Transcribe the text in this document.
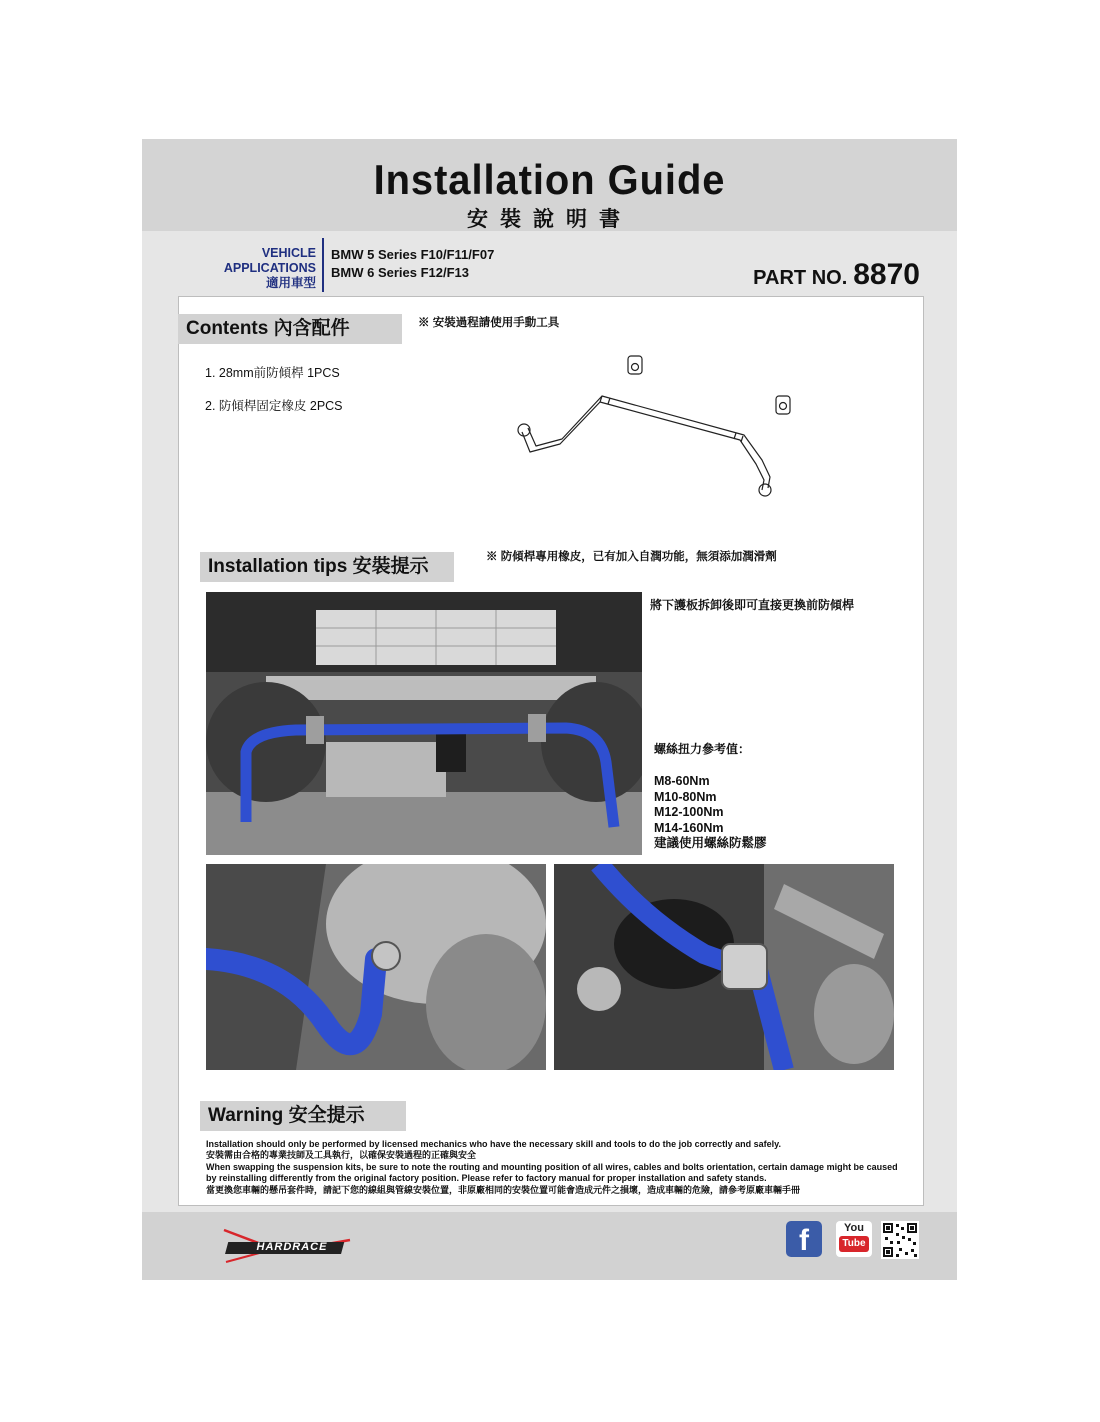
Installation Guide
安裝說明書
VEHICLE APPLICATIONS
適用車型
BMW 5 Series F10/F11/F07
BMW 6 Series F12/F13	PART NO. 8870
Contents 內含配件	※ 安裝過程請使用手動工具
1. 28mm前防傾桿 1PCS
2. 防傾桿固定橡皮 2PCS
Installation tips 安裝提示	※ 防傾桿專用橡皮，已有加入自潤功能，無須添加潤滑劑
將下護板拆卸後即可直接更換前防傾桿
螺絲扭力參考值：
M8-60Nm
M10-80Nm
M12-100Nm
M14-160Nm
建議使用螺絲防鬆膠
Warning 安全提示
Installation should only be performed by licensed mechanics who have the necessary skill and tools to do the job correctly and safely.
安裝需由合格的專業技師及工具執行，以確保安裝過程的正確與安全
When swapping the suspension kits, be sure to note the routing and mounting position of all wires, cables and bolts orientation, certain damage might be caused by reinstalling differently from the original factory position. Please refer to factory manual for proper installation and safety stands.
當更換您車輛的懸吊套件時，請記下您的線組與管線安裝位置，非原廠相同的安裝位置可能會造成元件之損壞，造成車輛的危險，請參考原廠車輛手冊
HARDRACE	f	You
Tube
